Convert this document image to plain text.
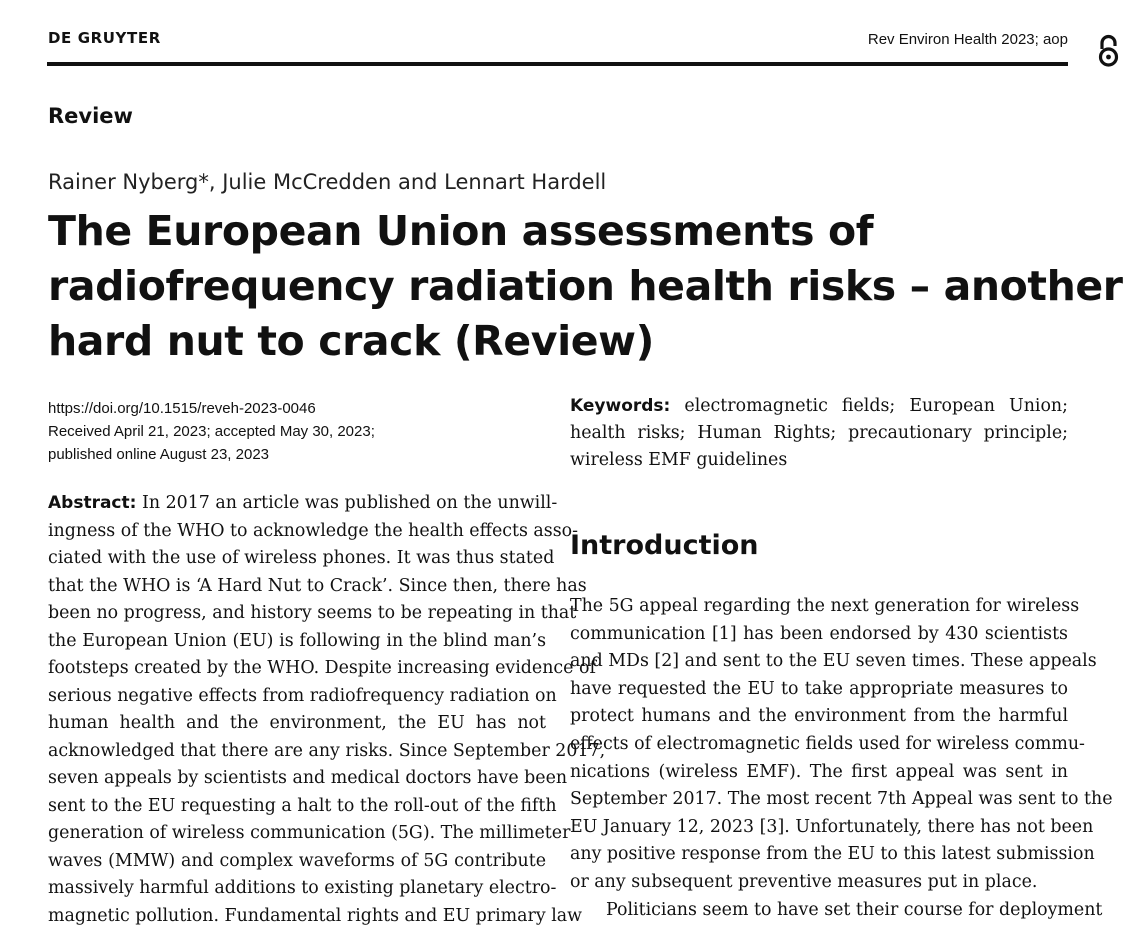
DE GRUYTER	Rev Environ Health 2023; aop
Review
Rainer Nyberg*, Julie McCredden and Lennart Hardell
The European Union assessments of
radiofrequency radiation health risks – another
hard nut to crack (Review)
https://doi.org/10.1515/reveh-2023-0046
Received April 21, 2023; accepted May 30, 2023;
published online August 23, 2023
Keywords: electromagnetic fields; European Union; health risks; Human Rights; precautionary principle; wireless EMF guidelines
Abstract: In 2017 an article was published on the unwill-
ingness of the WHO to acknowledge the health effects asso-
ciated with the use of wireless phones. It was thus stated
that the WHO is ‘A Hard Nut to Crack’. Since then, there has
been no progress, and history seems to be repeating in that
the European Union (EU) is following in the blind man’s
footsteps created by the WHO. Despite increasing evidence of
serious negative effects from radiofrequency radiation on
human health and the environment, the EU has not
acknowledged that there are any risks. Since September 2017,
seven appeals by scientists and medical doctors have been
sent to the EU requesting a halt to the roll-out of the fifth
generation of wireless communication (5G). The millimeter
waves (MMW) and complex waveforms of 5G contribute
massively harmful additions to existing planetary electro-
magnetic pollution. Fundamental rights and EU primary law
Introduction
The 5G appeal regarding the next generation for wireless
communication [1] has been endorsed by 430 scientists
and MDs [2] and sent to the EU seven times. These appeals
have requested the EU to take appropriate measures to
protect humans and the environment from the harmful
effects of electromagnetic fields used for wireless commu-
nications (wireless EMF). The first appeal was sent in
September 2017. The most recent 7th Appeal was sent to the
EU January 12, 2023 [3]. Unfortunately, there has not been
any positive response from the EU to this latest submission
or any subsequent preventive measures put in place.
Politicians seem to have set their course for deployment
